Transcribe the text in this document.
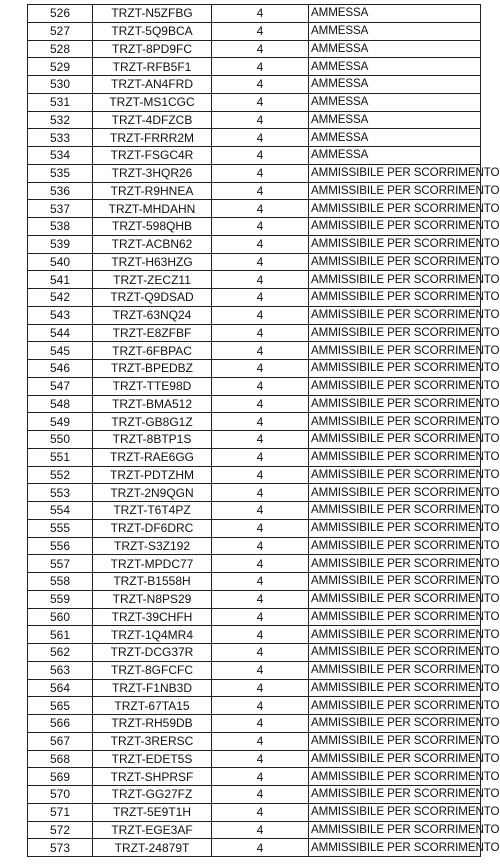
526	TRZT-N5ZFBG	4	AMMESSA
527	TRZT-5Q9BCA	4	AMMESSA
528	TRZT-8PD9FC	4	AMMESSA
529	TRZT-RFB5F1	4	AMMESSA
530	TRZT-AN4FRD	4	AMMESSA
531	TRZT-MS1CGC	4	AMMESSA
532	TRZT-4DFZCB	4	AMMESSA
533	TRZT-FRRR2M	4	AMMESSA
534	TRZT-FSGC4R	4	AMMESSA
535	TRZT-3HQR26	4	AMMISSIBILE PER SCORRIMENTO
536	TRZT-R9HNEA	4	AMMISSIBILE PER SCORRIMENTO
537	TRZT-MHDAHN	4	AMMISSIBILE PER SCORRIMENTO
538	TRZT-598QHB	4	AMMISSIBILE PER SCORRIMENTO
539	TRZT-ACBN62	4	AMMISSIBILE PER SCORRIMENTO
540	TRZT-H63HZG	4	AMMISSIBILE PER SCORRIMENTO
541	TRZT-ZECZ11	4	AMMISSIBILE PER SCORRIMENTO
542	TRZT-Q9DSAD	4	AMMISSIBILE PER SCORRIMENTO
543	TRZT-63NQ24	4	AMMISSIBILE PER SCORRIMENTO
544	TRZT-E8ZFBF	4	AMMISSIBILE PER SCORRIMENTO
545	TRZT-6FBPAC	4	AMMISSIBILE PER SCORRIMENTO
546	TRZT-BPEDBZ	4	AMMISSIBILE PER SCORRIMENTO
547	TRZT-TTE98D	4	AMMISSIBILE PER SCORRIMENTO
548	TRZT-BMA512	4	AMMISSIBILE PER SCORRIMENTO
549	TRZT-GB8G1Z	4	AMMISSIBILE PER SCORRIMENTO
550	TRZT-8BTP1S	4	AMMISSIBILE PER SCORRIMENTO
551	TRZT-RAE6GG	4	AMMISSIBILE PER SCORRIMENTO
552	TRZT-PDTZHM	4	AMMISSIBILE PER SCORRIMENTO
553	TRZT-2N9QGN	4	AMMISSIBILE PER SCORRIMENTO
554	TRZT-T6T4PZ	4	AMMISSIBILE PER SCORRIMENTO
555	TRZT-DF6DRC	4	AMMISSIBILE PER SCORRIMENTO
556	TRZT-S3Z192	4	AMMISSIBILE PER SCORRIMENTO
557	TRZT-MPDC77	4	AMMISSIBILE PER SCORRIMENTO
558	TRZT-B1558H	4	AMMISSIBILE PER SCORRIMENTO
559	TRZT-N8PS29	4	AMMISSIBILE PER SCORRIMENTO
560	TRZT-39CHFH	4	AMMISSIBILE PER SCORRIMENTO
561	TRZT-1Q4MR4	4	AMMISSIBILE PER SCORRIMENTO
562	TRZT-DCG37R	4	AMMISSIBILE PER SCORRIMENTO
563	TRZT-8GFCFC	4	AMMISSIBILE PER SCORRIMENTO
564	TRZT-F1NB3D	4	AMMISSIBILE PER SCORRIMENTO
565	TRZT-67TA15	4	AMMISSIBILE PER SCORRIMENTO
566	TRZT-RH59DB	4	AMMISSIBILE PER SCORRIMENTO
567	TRZT-3RERSC	4	AMMISSIBILE PER SCORRIMENTO
568	TRZT-EDET5S	4	AMMISSIBILE PER SCORRIMENTO
569	TRZT-SHPRSF	4	AMMISSIBILE PER SCORRIMENTO
570	TRZT-GG27FZ	4	AMMISSIBILE PER SCORRIMENTO
571	TRZT-5E9T1H	4	AMMISSIBILE PER SCORRIMENTO
572	TRZT-EGE3AF	4	AMMISSIBILE PER SCORRIMENTO
573	TRZT-24879T	4	AMMISSIBILE PER SCORRIMENTO
